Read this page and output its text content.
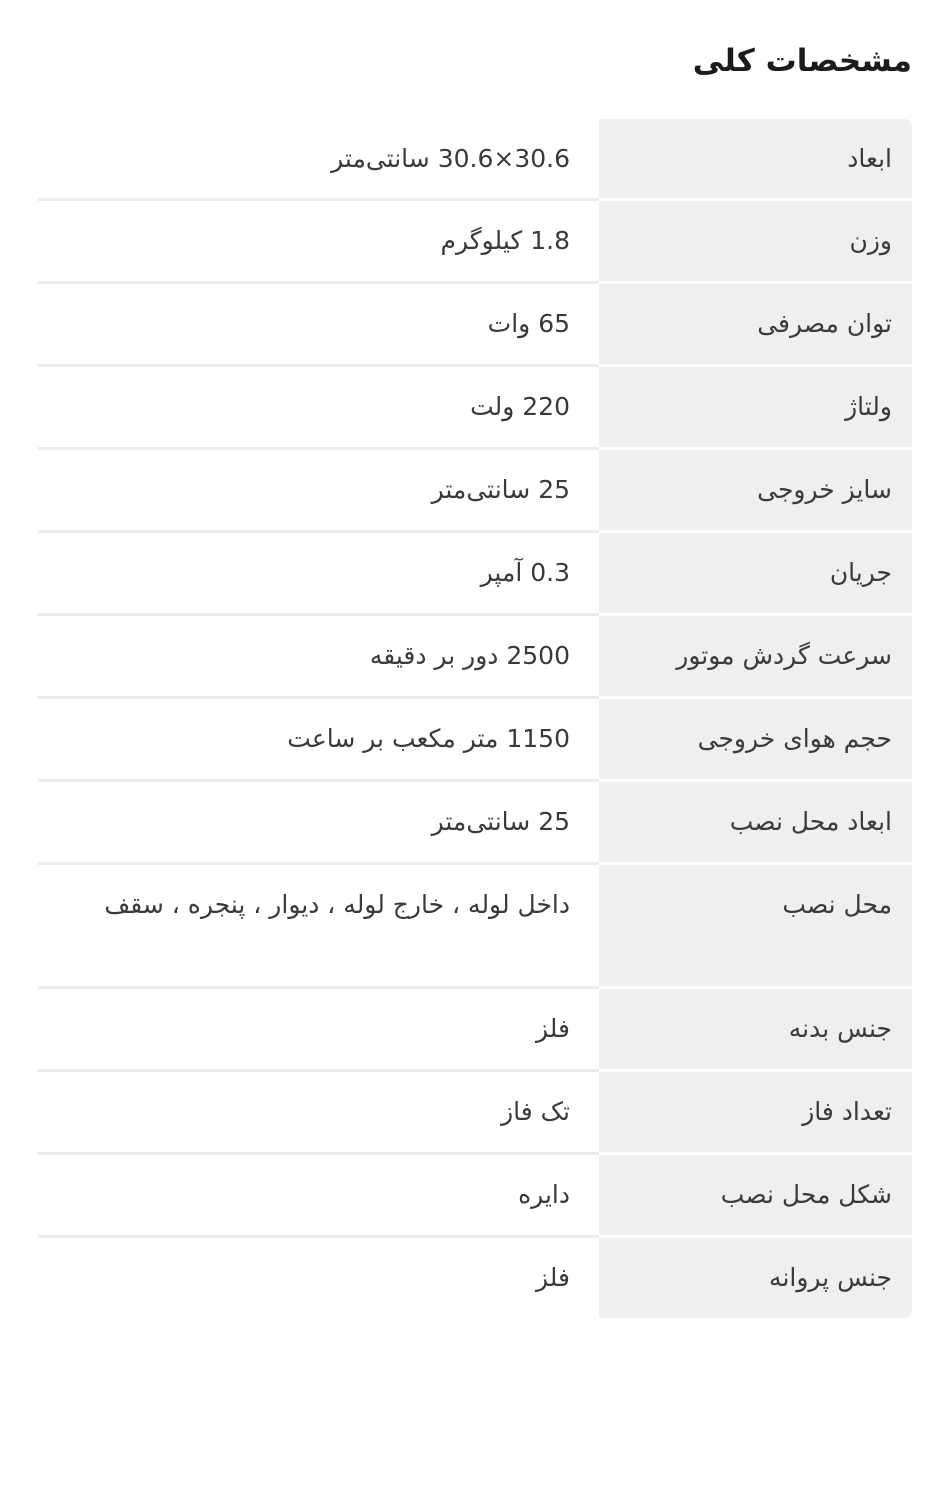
مشخصات کلی
ابعاد
30.6×30.6 سانتی‌متر
وزن
1.8 کیلوگرم
توان مصرفی
65 وات
ولتاژ
220 ولت
سایز خروجی
25 سانتی‌متر
جریان
0.3 آمپر
سرعت گردش موتور
2500 دور بر دقیقه
حجم هوای خروجی
1150 متر مکعب بر ساعت
ابعاد محل نصب
25 سانتی‌متر
محل نصب
داخل لوله ، خارج لوله ، دیوار ، پنجره ، سقف
جنس بدنه
فلز
تعداد فاز
تک فاز
شکل محل نصب
دایره
جنس پروانه
فلز
